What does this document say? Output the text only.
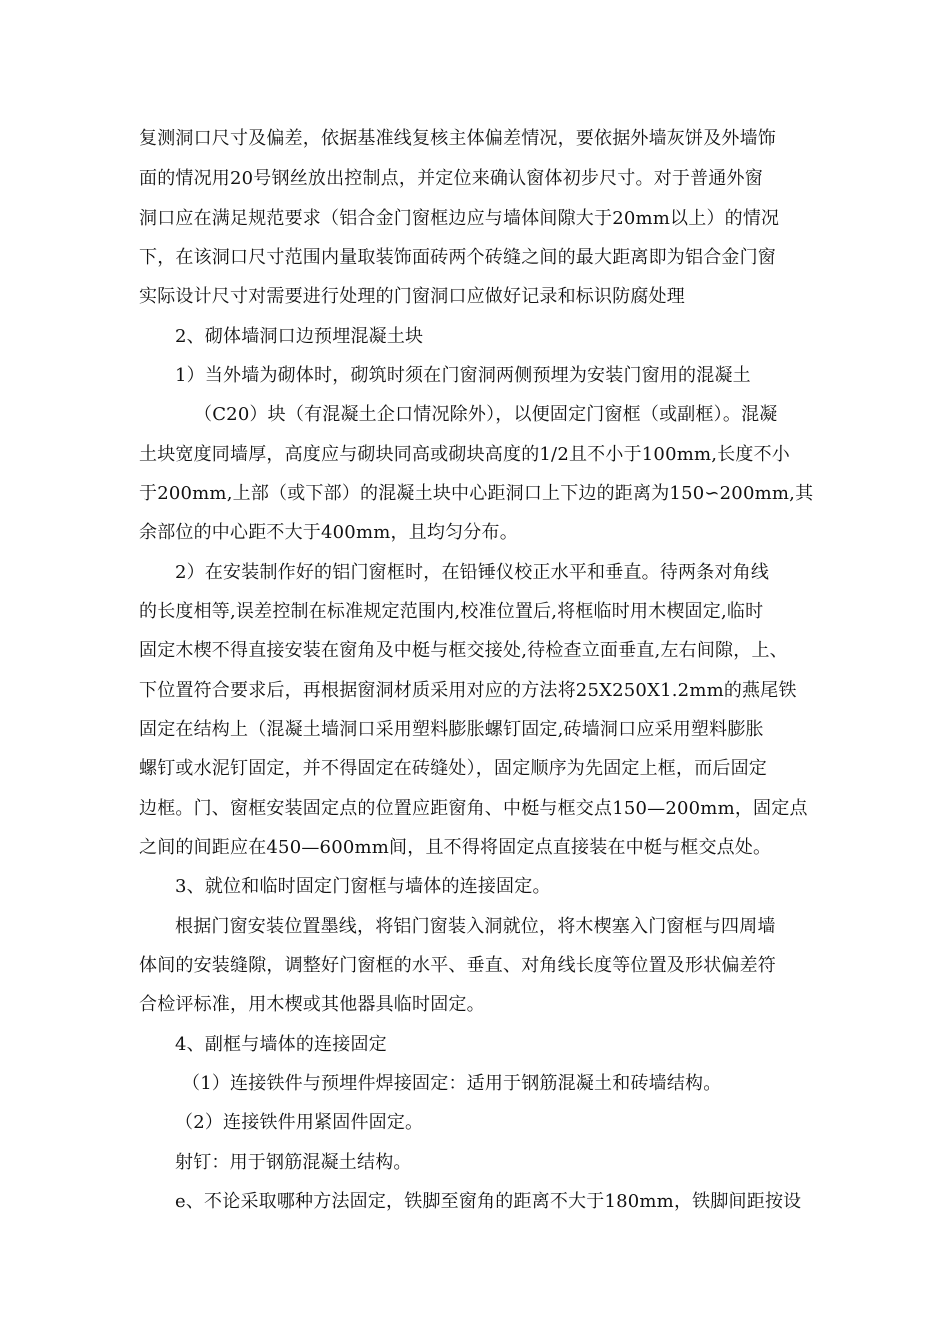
复测洞口尺寸及偏差，依据基准线复核主体偏差情况，要依据外墙灰饼及外墙饰
面的情况用20号钢丝放出控制点，并定位来确认窗体初步尺寸。对于普通外窗
洞口应在满足规范要求（铝合金门窗框边应与墙体间隙大于20mm以上）的情况
下，在该洞口尺寸范围内量取装饰面砖两个砖缝之间的最大距离即为铝合金门窗
实际设计尺寸对需要进行处理的门窗洞口应做好记录和标识防腐处理
2、砌体墙洞口边预埋混凝土块
1）当外墙为砌体时，砌筑时须在门窗洞两侧预埋为安装门窗用的混凝土
（C20）块（有混凝土企口情况除外），以便固定门窗框（或副框）。混凝
土块宽度同墙厚，高度应与砌块同高或砌块高度的1/2且不小于100mm,长度不小
于200mm,上部（或下部）的混凝土块中心距洞口上下边的距离为150∽200mm,其
余部位的中心距不大于400mm，且均匀分布。
2）在安装制作好的铝门窗框时，在铅锤仪校正水平和垂直。待两条对角线
的长度相等,误差控制在标准规定范围内,校准位置后,将框临时用木楔固定,临时
固定木楔不得直接安装在窗角及中梃与框交接处,待检查立面垂直,左右间隙，上、
下位置符合要求后，再根据窗洞材质采用对应的方法将25X250X1.2mm的燕尾铁
固定在结构上（混凝土墙洞口采用塑料膨胀螺钉固定,砖墙洞口应采用塑料膨胀
螺钉或水泥钉固定，并不得固定在砖缝处），固定顺序为先固定上框，而后固定
边框。门、窗框安装固定点的位置应距窗角、中梃与框交点150—200mm，固定点
之间的间距应在450—600mm间，且不得将固定点直接装在中梃与框交点处。
3、就位和临时固定门窗框与墙体的连接固定。
根据门窗安装位置墨线，将铝门窗装入洞就位，将木楔塞入门窗框与四周墙
体间的安装缝隙，调整好门窗框的水平、垂直、对角线长度等位置及形状偏差符
合检评标准，用木楔或其他器具临时固定。
4、副框与墙体的连接固定
（1）连接铁件与预埋件焊接固定：适用于钢筋混凝土和砖墙结构。
（2）连接铁件用紧固件固定。
射钉：用于钢筋混凝土结构。
e、不论采取哪种方法固定，铁脚至窗角的距离不大于180mm，铁脚间距按设
